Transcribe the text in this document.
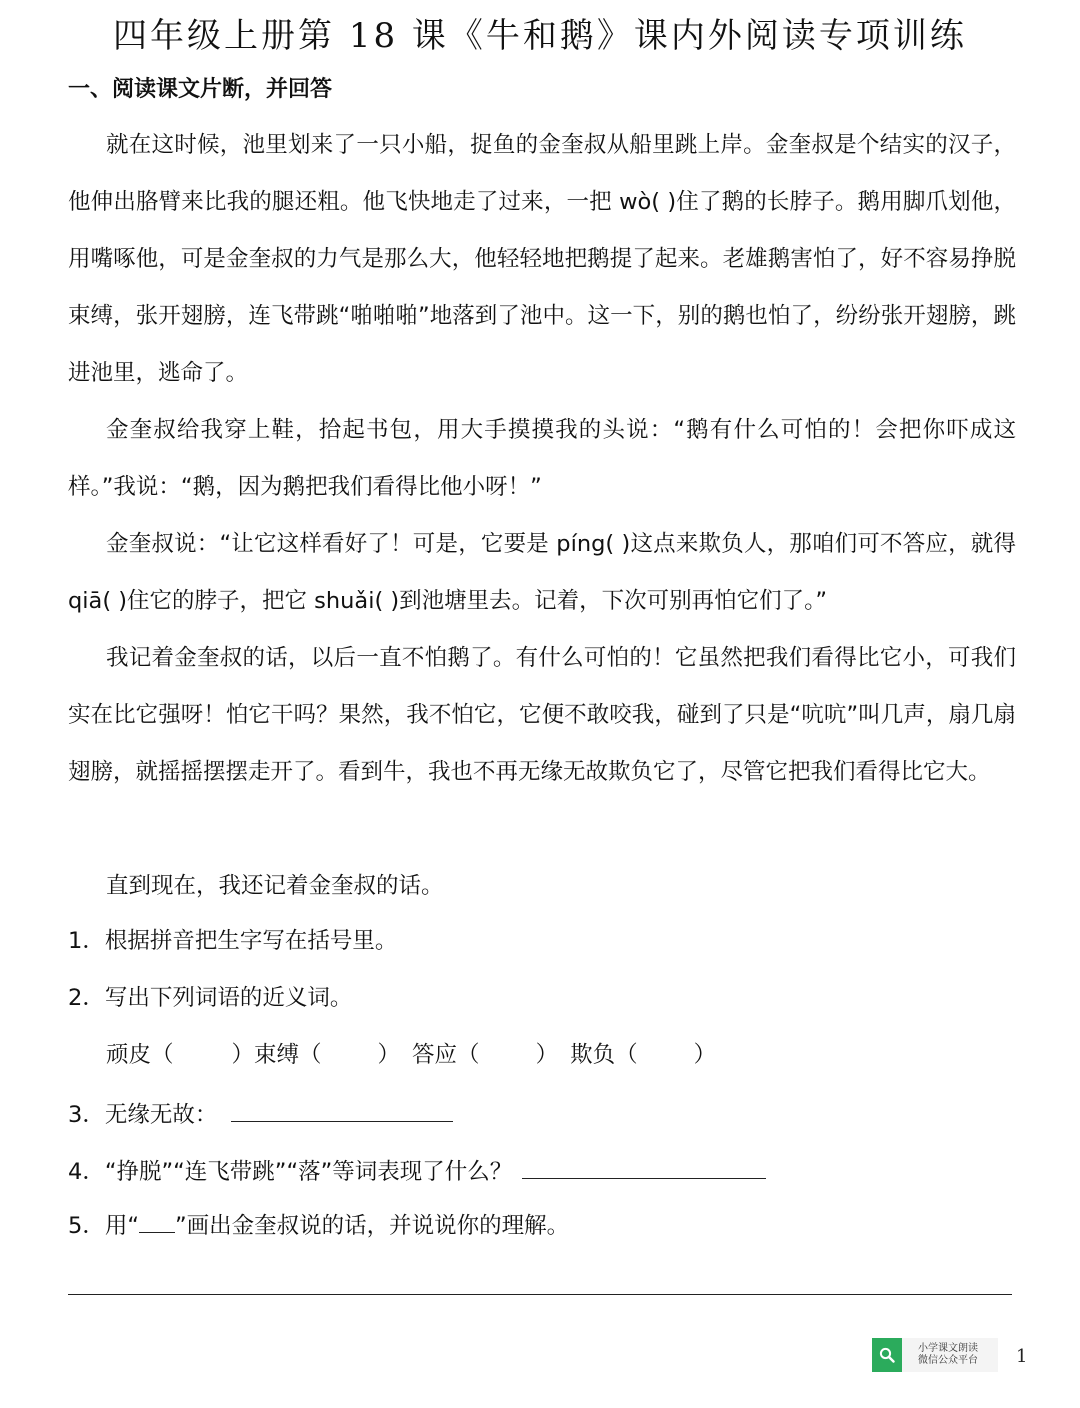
四年级上册第 18 课《牛和鹅》课内外阅读专项训练
一、阅读课文片断，并回答

就在这时候，池里划来了一只小船，捉鱼的金奎叔从船里跳上岸。金奎叔是个结实的汉子，他伸出胳臂来比我的腿还粗。他飞快地走了过来，一把 wò( )住了鹅的长脖子。鹅用脚爪划他，用嘴啄他，可是金奎叔的力气是那么大，他轻轻地把鹅提了起来。老雄鹅害怕了，好不容易挣脱束缚，张开翅膀，连飞带跳“啪啪啪”地落到了池中。这一下，别的鹅也怕了，纷纷张开翅膀，跳进池里，逃命了。

金奎叔给我穿上鞋，拾起书包，用大手摸摸我的头说：“鹅有什么可怕的！会把你吓成这样。”我说：“鹅，因为鹅把我们看得比他小呀！”

金奎叔说：“让它这样看好了！可是，它要是 píng( )这点来欺负人，那咱们可不答应，就得 qiā( )住它的脖子，把它 shuǎi( )到池塘里去。记着，下次可别再怕它们了。”

我记着金奎叔的话，以后一直不怕鹅了。有什么可怕的！它虽然把我们看得比它小，可我们实在比它强呀！怕它干吗？果然，我不怕它，它便不敢咬我，碰到了只是“吭吭”叫几声，扇几扇翅膀，就摇摇摆摆走开了。看到牛，我也不再无缘无故欺负它了，尽管它把我们看得比它大。

直到现在，我还记着金奎叔的话。

1．根据拼音把生字写在括号里。
2．写出下列词语的近义词。
顽皮（	）束缚（ ） 答应（ ） 欺负（ ）
3．无缘无故：
4．“挣脱”“连飞带跳”“落”等词表现了什么？
5．用“ ”画出金奎叔说的话，并说说你的理解。
小学课文朗读
微信公众平台 1
